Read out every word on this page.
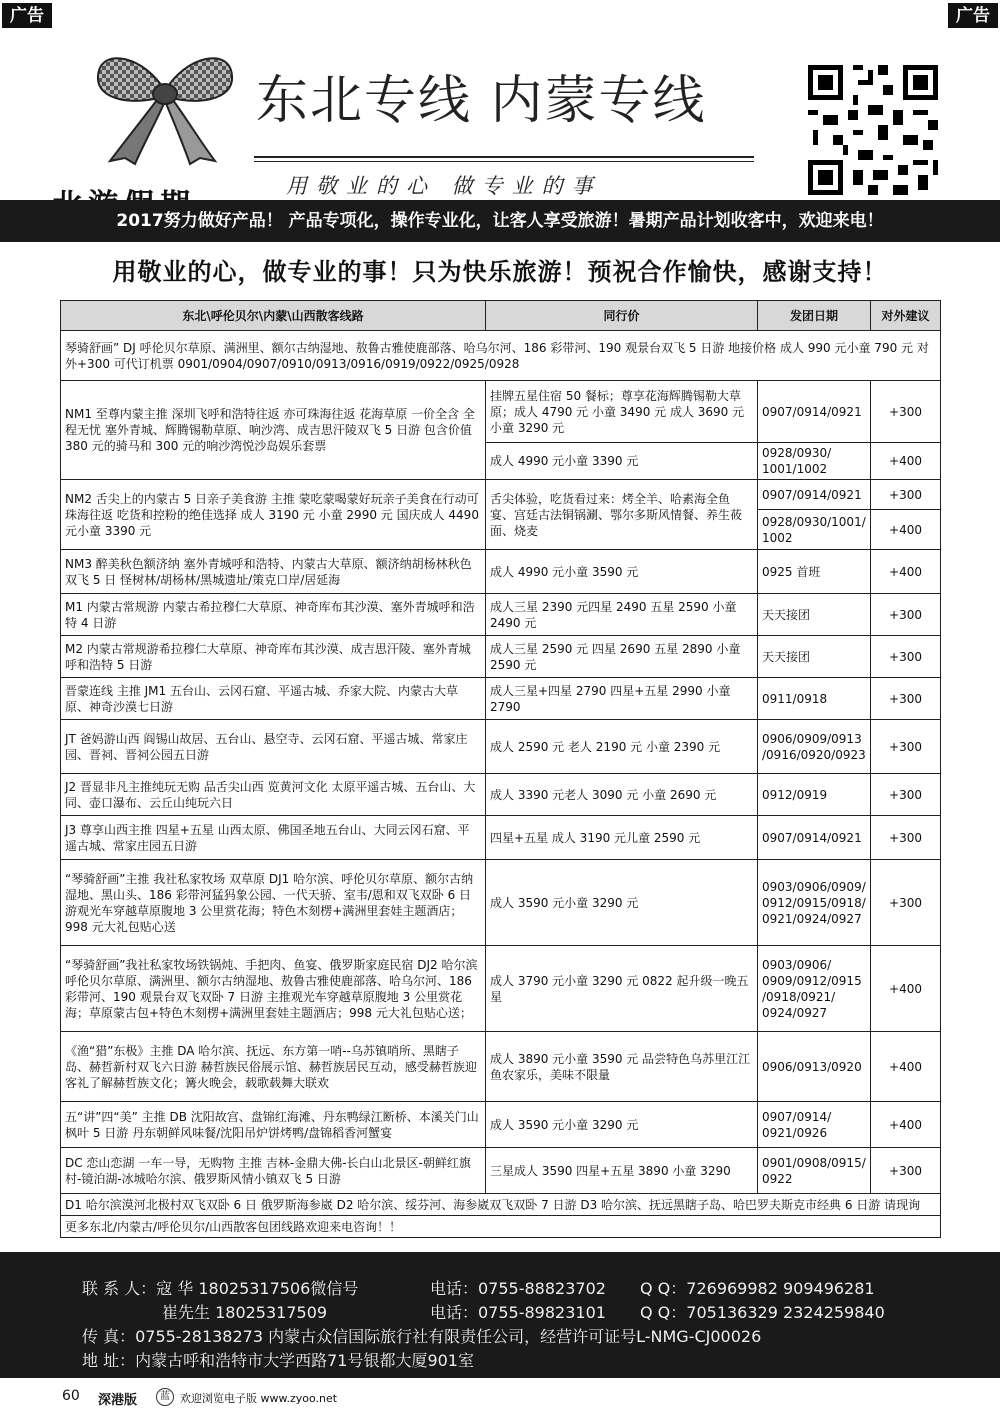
广告	广告
东北专线 内蒙专线
用敬业的心 做专业的事
2017努力做好产品！ 产品专项化，操作专业化，让客人享受旅游！暑期产品计划收客中，欢迎来电！
用敬业的心，做专业的事！只为快乐旅游！预祝合作愉快，感谢支持！
东北\呼伦贝尔\内蒙\山西散客线路	同行价	发团日期	对外建议
琴骑舒画” DJ 呼伦贝尔草原、满洲里、额尔古纳湿地、敖鲁古雅使鹿部落、哈乌尔河、186 彩带河、190 观景台双飞 5 日游 地接价格 成人 990 元小童 790 元 对外+300 可代订机票 0901/0904/0907/0910/0913/0916/0919/0922/0925/0928			
NM1 至尊内蒙主推 深圳飞呼和浩特往返 亦可珠海往返 花海草原 一价全含 全程无忧 塞外青城、辉腾锡勒草原、响沙湾、成吉思汗陵双飞 5 日游 包含价值 380 元的骑马和 300 元的响沙湾悦沙岛娱乐套票	挂牌五星住宿 50 餐标；尊享花海辉腾锡勒大草原；成人 4790 元 小童 3490 元 成人 3690 元 小童 3290 元	0907/0914/0921	+300
	成人 4990 元小童 3390 元	0928/0930/ 1001/1002	+400
NM2 舌尖上的内蒙古 5 日亲子美食游 主推 蒙吃蒙喝蒙好玩亲子美食在行动可珠海往返 吃货和控粉的绝佳选择 成人 3190 元 小童 2990 元 国庆成人 4490 元小童 3390 元	舌尖体验，吃货看过来：烤全羊、哈素海全鱼宴、宫廷古法铜锅涮、鄂尔多斯风情餐、养生莜面、烧麦	0907/0914/0921	+300
		0928/0930/1001/ 1002	+400
NM3 醉美秋色额济纳 塞外青城呼和浩特、内蒙古大草原、额济纳胡杨林秋色双飞 5 日 怪树林/胡杨林/黑城遗址/策克口岸/居延海	成人 4990 元小童 3590 元	0925 首班	+400
M1 内蒙古常规游 内蒙古希拉穆仁大草原、神奇库布其沙漠、塞外青城呼和浩特 4 日游	成人三星 2390 元四星 2490 五星 2590 小童 2490 元	天天接团	+300
M2 内蒙古常规游希拉穆仁大草原、神奇库布其沙漠、成吉思汗陵、塞外青城呼和浩特 5 日游	成人三星 2590 元 四星 2690 五星 2890 小童 2590 元	天天接团	+300
晋蒙连线 主推 JM1 五台山、云冈石窟、平遥古城、乔家大院、内蒙古大草原、神奇沙漠七日游	成人三星+四星 2790 四星+五星 2990 小童 2790	0911/0918	+300
JT 爸妈游山西 阎锡山故居、五台山、悬空寺、云冈石窟、平遥古城、常家庄园、晋祠、晋祠公园五日游	成人 2590 元 老人 2190 元 小童 2390 元	0906/0909/0913 /0916/0920/0923	+300
J2 晋显非凡主推纯玩无购 品舌尖山西 览黄河文化 太原平遥古城、五台山、大同、壶口瀑布、云丘山纯玩六日	成人 3390 元老人 3090 元 小童 2690 元	0912/0919	+300
J3 尊享山西主推 四星+五星 山西太原、佛国圣地五台山、大同云冈石窟、平遥古城、常家庄园五日游	四星+五星 成人 3190 元儿童 2590 元	0907/0914/0921	+300
“琴骑舒画”主推 我社私家牧场 双草原 DJ1 哈尔滨、呼伦贝尔草原、额尔古纳湿地、黑山头、186 彩带河猛犸象公园、一代天骄、室韦/恩和双飞双卧 6 日游观光车穿越草原腹地 3 公里赏花海；特色木刻楞+满洲里套娃主题酒店； 998 元大礼包贴心送	成人 3590 元小童 3290 元	0903/0906/0909/ 0912/0915/0918/ 0921/0924/0927	+300
“琴骑舒画”我社私家牧场铁锅炖、手把肉、鱼宴、俄罗斯家庭民宿 DJ2 哈尔滨呼伦贝尔草原、满洲里、额尔古纳湿地、敖鲁古雅使鹿部落、哈乌尔河、186 彩带河、190 观景台双飞双卧 7 日游 主推观光车穿越草原腹地 3 公里赏花海；草原蒙古包+特色木刻楞+满洲里套娃主题酒店；998 元大礼包贴心送；	成人 3790 元小童 3290 元 0822 起升级一晚五星	0903/0906/ 0909/0912/0915 /0918/0921/ 0924/0927	+400
《渔“猎”东极》主推 DA 哈尔滨、抚远、东方第一哨--乌苏镇哨所、黑瞎子岛、赫哲新村双飞六日游 赫哲族民俗展示馆、赫哲族居民互动，感受赫哲族迎客礼了解赫哲族文化；篝火晚会，载歌载舞大联欢	成人 3890 元小童 3590 元 品尝特色乌苏里江江鱼农家乐，美味不限量	0906/0913/0920	+400
五“讲”四“美” 主推 DB 沈阳故宫、盘锦红海滩、丹东鸭绿江断桥、本溪关门山枫叶 5 日游 丹东朝鲜风味餐/沈阳吊炉饼烤鸭/盘锦稻香河蟹宴	成人 3590 元小童 3290 元	0907/0914/ 0921/0926	+400
DC 恋山恋湖 一车一导，无购物 主推 吉林-金鼎大佛-长白山北景区-朝鲜红旗村-镜泊湖-冰城哈尔滨、俄罗斯风情小镇双飞 5 日游	三星成人 3590 四星+五星 3890 小童 3290	0901/0908/0915/ 0922	+300
D1 哈尔滨漠河北极村双飞双卧 6 日 俄罗斯海参崴 D2 哈尔滨、绥芬河、海参崴双飞双卧 7 日游 D3 哈尔滨、抚远黑瞎子岛、哈巴罗夫斯克市经典 6 日游 请现询			
更多东北/内蒙古/呼伦贝尔/山西散客包团线路欢迎来电咨询！！			
联 系 人：寇 华 18025317506微信号	电话：0755-88823702 Q Q：726969982 909496281
崔先生 18025317509	电话：0755-89823101 Q Q：705136329 2324259840
传 真：0755-28138273 内蒙古众信国际旅行社有限责任公司，经营许可证号L-NMG-CJ00026
地 址：内蒙古呼和浩特市大学西路71号银都大厦901室
60 深港版	蓝 欢迎浏览电子版 www.zyoo.net
